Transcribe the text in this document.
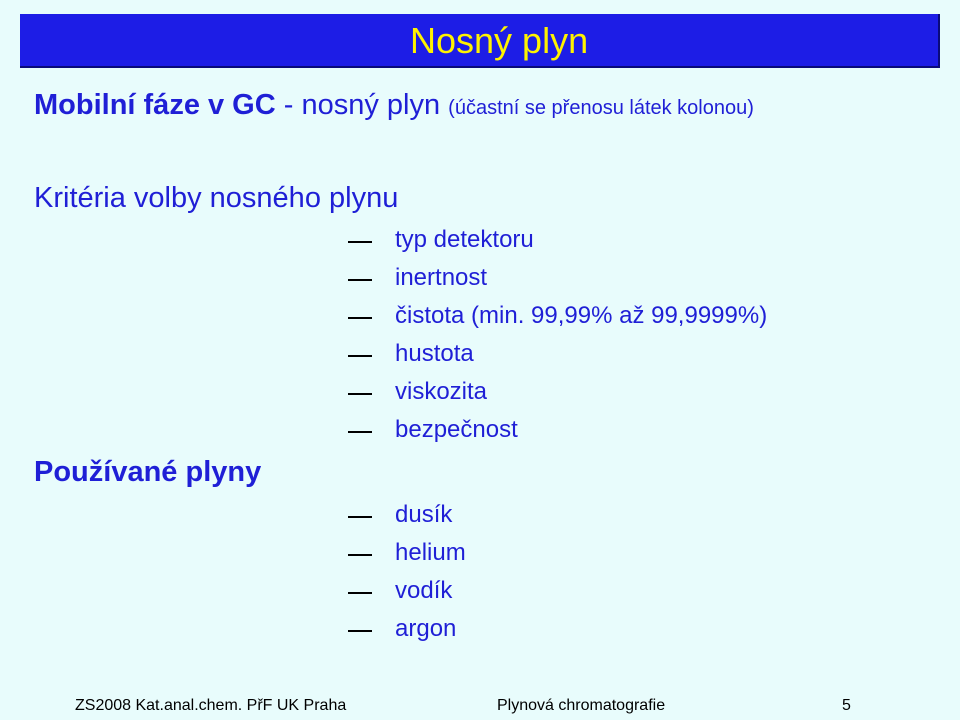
Nosný plyn
Mobilní fáze v GC - nosný plyn (účastní se přenosu látek kolonou)
Kritéria volby nosného plynu
typ detektoru
inertnost
čistota (min. 99,99% až 99,9999%)
hustota
viskozita
bezpečnost
Používané plyny
dusík
helium
vodík
argon
ZS2008 Kat.anal.chem. PřF UK Praha	Plynová chromatografie	5
